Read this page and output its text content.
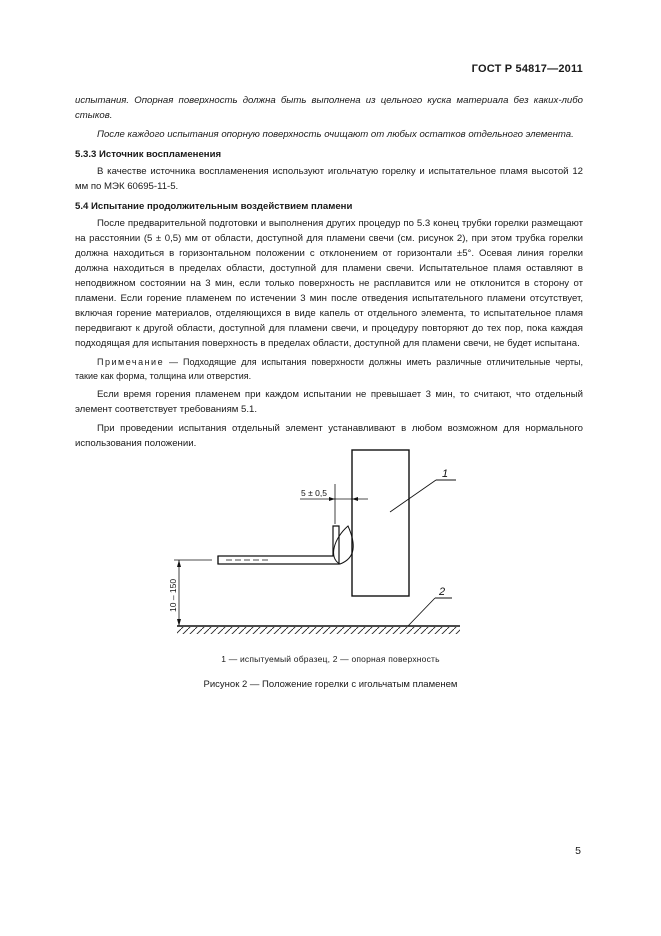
ГОСТ Р 54817—2011

испытания. Опорная поверхность должна быть выполнена из цельного куска материала без каких-либо стыков.

После каждого испытания опорную поверхность очищают от любых остатков отдельного элемента.

5.3.3 Источник воспламенения

В качестве источника воспламенения используют игольчатую горелку и испытательное пламя высотой 12 мм по МЭК 60695-11-5.

5.4 Испытание продолжительным воздействием пламени

После предварительной подготовки и выполнения других процедур по 5.3 конец трубки горелки размещают на расстоянии (5 ± 0,5) мм от области, доступной для пламени свечи (см. рисунок 2), при этом трубка горелки должна находиться в горизонтальном положении с отклонением от горизонтали ±5°. Осевая линия горелки должна находиться в пределах области, доступной для пламени свечи. Испытательное пламя оставляют в неподвижном состоянии на 3 мин, если только поверхность не расплавится или не отклонится в сторону от пламени. Если горение пламенем по истечении 3 мин после отведения испытательного пламени отсутствует, включая горение материалов, отделяющихся в виде капель от отдельного элемента, то испытательное пламя передвигают к другой области, доступной для пламени свечи, и процедуру повторяют до тех пор, пока каждая подходящая для испытания поверхность в пределах области, доступной для пламени свечи, не будет испытана.

Примечание — Подходящие для испытания поверхности должны иметь различные отличительные черты, такие как форма, толщина или отверстия.

Если время горения пламенем при каждом испытании не превышает 3 мин, то считают, что отдельный элемент соответствует требованиям 5.1.

При проведении испытания отдельный элемент устанавливают в любом возможном для нормального использования положении.

1
2
5 ± 0,5
10 – 150
1 — испытуемый образец, 2 — опорная поверхность
Рисунок 2 — Положение горелки с игольчатым пламенем
5
